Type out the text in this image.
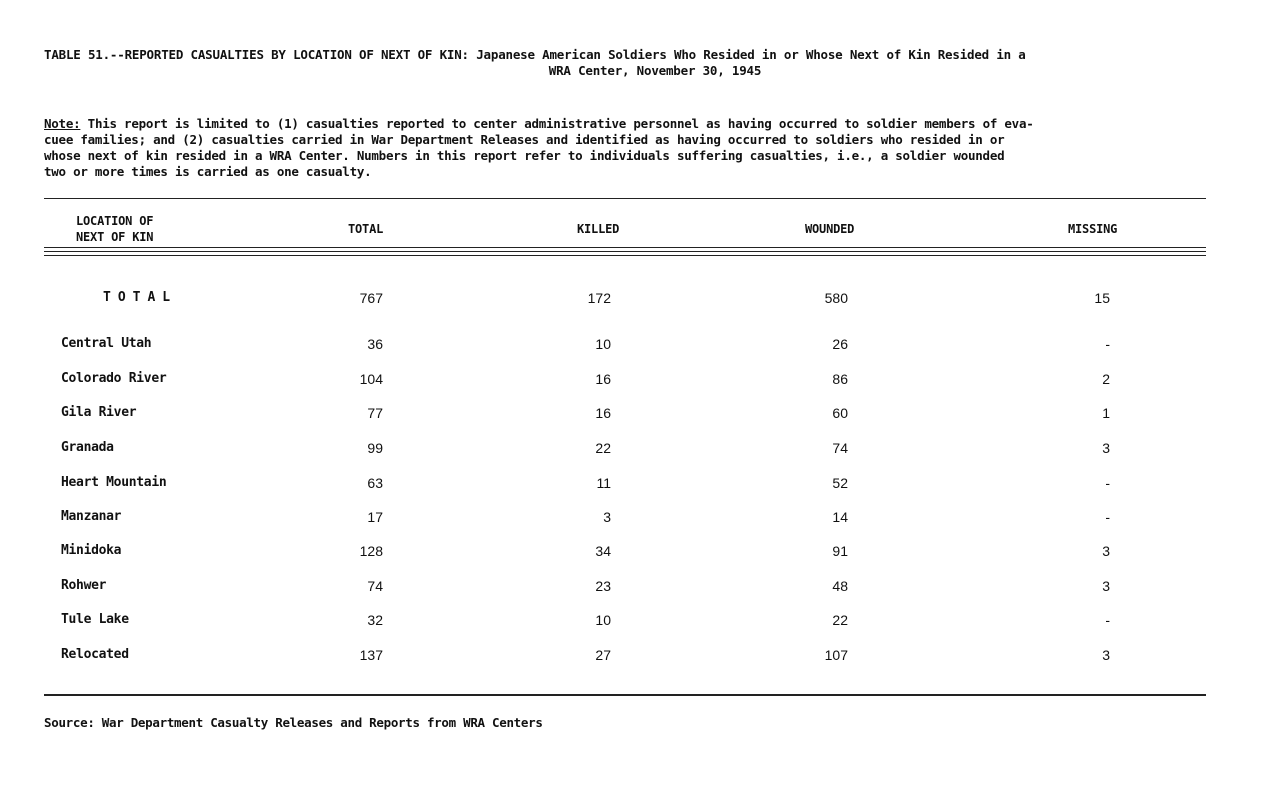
TABLE 51.--REPORTED CASUALTIES BY LOCATION OF NEXT OF KIN: Japanese American Soldiers Who Resided in or Whose Next of Kin Resided in a
WRA Center, November 30, 1945
Note: This report is limited to (1) casualties reported to center administrative personnel as having occurred to soldier members of eva-
cuee families; and (2) casualties carried in War Department Releases and identified as having occurred to soldiers who resided in or
whose next of kin resided in a WRA Center. Numbers in this report refer to individuals suffering casualties, i.e., a soldier wounded
two or more times is carried as one casualty.
LOCATION OF
NEXT OF KIN
TOTAL	KILLED	WOUNDED	MISSING
TOTAL	767	172	580	15
Central Utah	36	10	26	-
Colorado River	104	16	86	2
Gila River	77	16	60	1
Granada	99	22	74	3
Heart Mountain	63	11	52	-
Manzanar	17	3	14	-
Minidoka	128	34	91	3
Rohwer	74	23	48	3
Tule Lake	32	10	22	-
Relocated	137	27	107	3
Source: War Department Casualty Releases and Reports from WRA Centers
